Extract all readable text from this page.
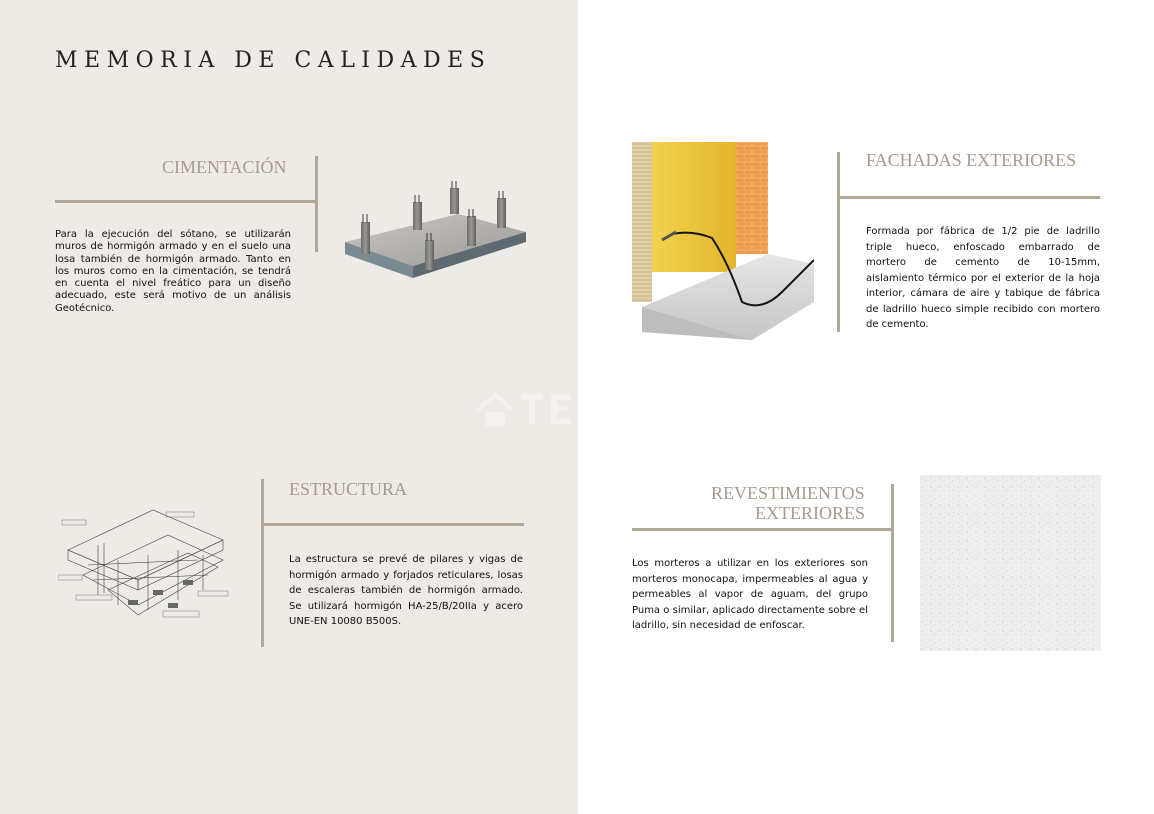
MEMORIA DE CALIDADES
CIMENTACIÓN
Para la ejecución del sótano, se utilizarán muros de hormigón armado y en el suelo una losa también de hormigón armado. Tanto en los muros como en la cimentación, se tendrá en cuenta el nivel freático para un diseño adecuado, este será motivo de un análisis Geotécnico.
ESTRUCTURA
La estructura se prevé de pilares y vigas de hormigón armado y forjados reticulares, losas de escaleras también de hormigón armado. Se utilizará hormigón HA-25/B/20IIa y acero UNE-EN 10080 B500S.
FACHADAS EXTERIORES
Formada por fábrica de 1/2 pie de ladrillo triple hueco, enfoscado embarrado de mortero de cemento de 10-15mm, aislamiento térmico por el exterior de la hoja interior, cámara de aire y tabique de fábrica de ladrillo hueco simple recibido con mortero de cemento.
REVESTIMIENTOS
EXTERIORES
Los morteros a utilizar en los exteriores son morteros monocapa, impermeables al agua y permeables al vapor de aguam, del grupo Puma o similar, aplicado directamente sobre el ladrillo, sin necesidad de enfoscar.
